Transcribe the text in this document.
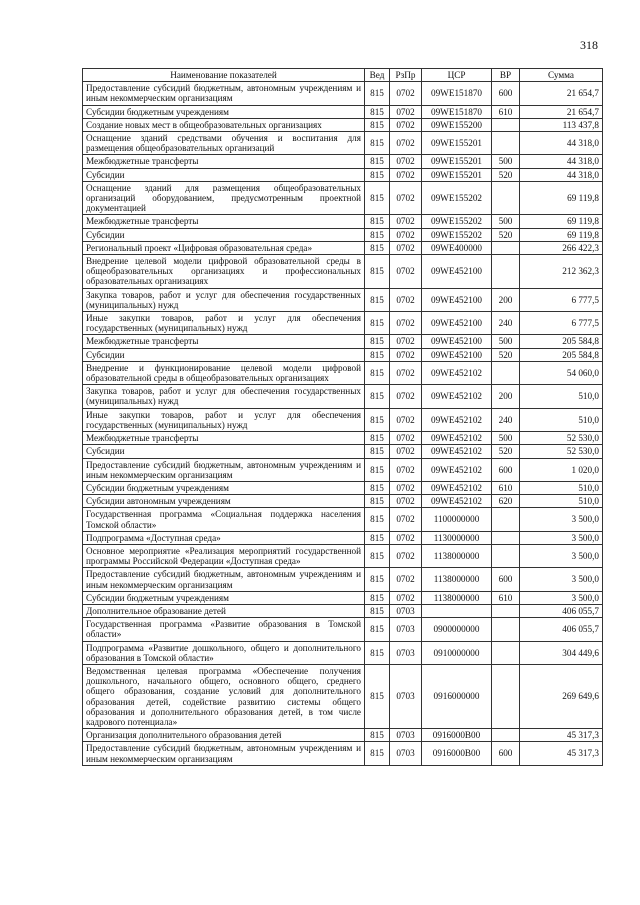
318
Наименование показателей	Вед	РзПр	ЦСР	ВР	Сумма
Предоставление субсидий бюджетным, автономным учреждениям и иным некоммерческим организациям	815	0702	09WE151870	600	21 654,7
Субсидии бюджетным учреждениям	815	0702	09WE151870	610	21 654,7
Создание новых мест в общеобразовательных организациях	815	0702	09WE155200		113 437,8
Оснащение зданий средствами обучения и воспитания для размещения общеобразовательных организаций	815	0702	09WE155201		44 318,0
Межбюджетные трансферты	815	0702	09WE155201	500	44 318,0
Субсидии	815	0702	09WE155201	520	44 318,0
Оснащение зданий для размещения общеобразовательных организаций оборудованием, предусмотренным проектной документацией	815	0702	09WE155202		69 119,8
Межбюджетные трансферты	815	0702	09WE155202	500	69 119,8
Субсидии	815	0702	09WE155202	520	69 119,8
Региональный проект «Цифровая образовательная среда»	815	0702	09WE400000		266 422,3
Внедрение целевой модели цифровой образовательной среды в общеобразовательных организациях и профессиональных образовательных организациях	815	0702	09WE452100		212 362,3
Закупка товаров, работ и услуг для обеспечения государственных (муниципальных) нужд	815	0702	09WE452100	200	6 777,5
Иные закупки товаров, работ и услуг для обеспечения государственных (муниципальных) нужд	815	0702	09WE452100	240	6 777,5
Межбюджетные трансферты	815	0702	09WE452100	500	205 584,8
Субсидии	815	0702	09WE452100	520	205 584,8
Внедрение и функционирование целевой модели цифровой образовательной среды в общеобразовательных организациях	815	0702	09WE452102		54 060,0
Закупка товаров, работ и услуг для обеспечения государственных (муниципальных) нужд	815	0702	09WE452102	200	510,0
Иные закупки товаров, работ и услуг для обеспечения государственных (муниципальных) нужд	815	0702	09WE452102	240	510,0
Межбюджетные трансферты	815	0702	09WE452102	500	52 530,0
Субсидии	815	0702	09WE452102	520	52 530,0
Предоставление субсидий бюджетным, автономным учреждениям и иным некоммерческим организациям	815	0702	09WE452102	600	1 020,0
Субсидии бюджетным учреждениям	815	0702	09WE452102	610	510,0
Субсидии автономным учреждениям	815	0702	09WE452102	620	510,0
Государственная программа «Социальная поддержка населения Томской области»	815	0702	1100000000		3 500,0
Подпрограмма «Доступная среда»	815	0702	1130000000		3 500,0
Основное мероприятие «Реализация мероприятий государственной программы Российской Федерации «Доступная среда»	815	0702	1138000000		3 500,0
Предоставление субсидий бюджетным, автономным учреждениям и иным некоммерческим организациям	815	0702	1138000000	600	3 500,0
Субсидии бюджетным учреждениям	815	0702	1138000000	610	3 500,0
Дополнительное образование детей	815	0703			406 055,7
Государственная программа «Развитие образования в Томской области»	815	0703	0900000000		406 055,7
Подпрограмма «Развитие дошкольного, общего и дополнительного образования в Томской области»	815	0703	0910000000		304 449,6
Ведомственная целевая программа «Обеспечение получения дошкольного, начального общего, основного общего, среднего общего образования, создание условий для дополнительного образования детей, содействие развитию системы общего образования и дополнительного образования детей, в том числе кадрового потенциала»	815	0703	0916000000		269 649,6
Организация дополнительного образования детей	815	0703	0916000В00		45 317,3
Предоставление субсидий бюджетным, автономным учреждениям и иным некоммерческим организациям	815	0703	0916000В00	600	45 317,3
